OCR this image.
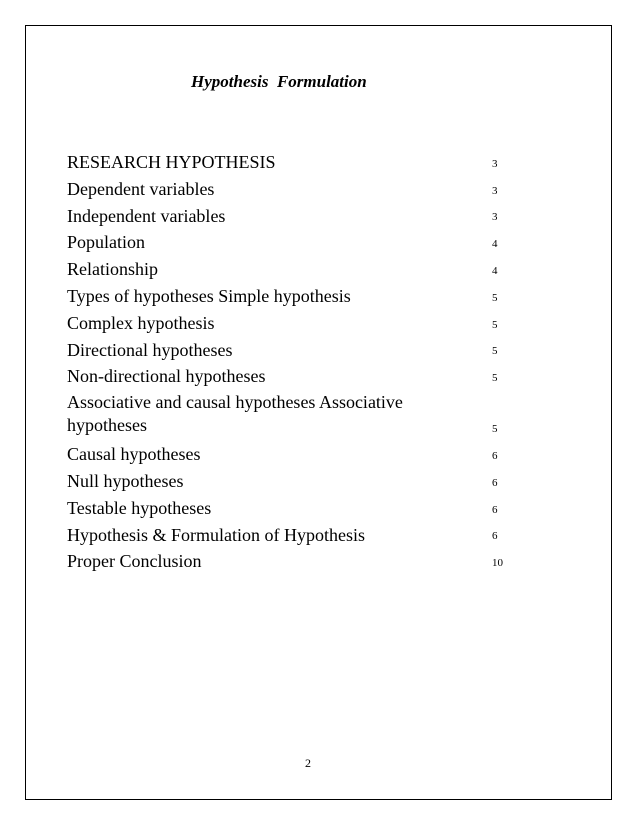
Hypothesis  Formulation
RESEARCH HYPOTHESIS	3
Dependent variables	3
Independent variables	3
Population	4
Relationship	4
Types of hypotheses Simple hypothesis	5
Complex hypothesis	5
Directional hypotheses	5
Non-directional hypotheses	5
Associative and causal hypotheses Associative hypotheses	5
Causal hypotheses	6
Null hypotheses	6
Testable hypotheses	6
Hypothesis & Formulation of Hypothesis	6
Proper Conclusion	10

2
